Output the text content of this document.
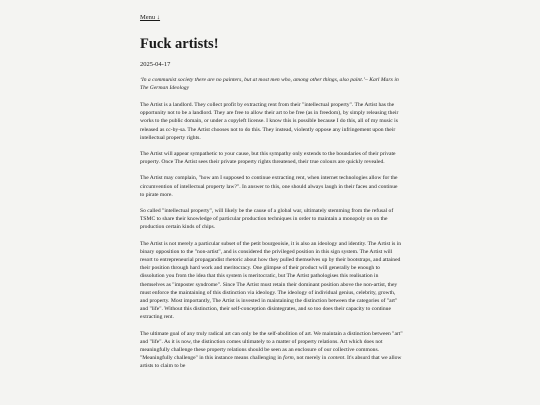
Menu ↓
Fuck artists!
2025-04-17
‘In a communist society there are no painters, but at most men who, among other things, also paint.’– Karl Marx in The German Ideology

The Artist is a landlord. They collect profit by extracting rent from their "intellectual property". The Artist has the opportunity not to be a landlord. They are free to allow their art to be free (as in freedom), by simply releasing their works to the public domain, or under a copyleft license. I know this is possible because I do this, all of my music is released as cc-by-sa. The Artist chooses not to do this. They instead, violently oppose any infringement upon their intellectual property rights.

The Artist will appear sympathetic to your cause, but this sympathy only extends to the boundaries of their private property. Once The Artist sees their private property rights threatened, their true colours are quickly revealed.

The Artist may complain, "how am I supposed to continue extracting rent, when internet technologies allow for the circumvention of intellectual property law?". In answer to this, one should always laugh in their faces and continue to pirate more.

So called "intellectual property", will likely be the cause of a global war, ultimately stemming from the refusal of TSMC to share their knowledge of particular production techniques in order to maintain a monopoly on on the production certain kinds of chips.

The Artist is not merely a particular subset of the petit bourgeoisie, it is also an ideology and identity. The Artist is in binary opposition to the "non-artist", and is considered the privileged position in this sign system. The Artist will resort to entrepreneurial propagandist rhetoric about how they pulled themselves up by their bootstraps, and attained their position through hard work and meritocracy. One glimpse of their product will generally be enough to dissolution you from the idea that this system is meritocratic, but The Artist pathologises this realisation in themselves as "imposter syndrome". Since The Artist must retain their dominant position above the non-artist, they must enforce the maintaining of this distinction via ideology. The ideology of individual genius, celebrity, growth, and property. Most importantly, The Artist is invested in maintaining the distinction between the categories of "art" and "life". Without this distinction, their self-conception disintegrates, and so too does their capacity to continue extracting rent.

The ultimate goal of any truly radical art can only be the self-abolition of art. We maintain a distinction between "art" and "life". As it is now, the distinction comes ultimately to a matter of property relations. Art which does not meaningfully challenge these property relations should be seen as an enclosure of our collective commons. "Meaningfully challenge" in this instance means challenging in form, not merely in content. It's absurd that we allow artists to claim to be
